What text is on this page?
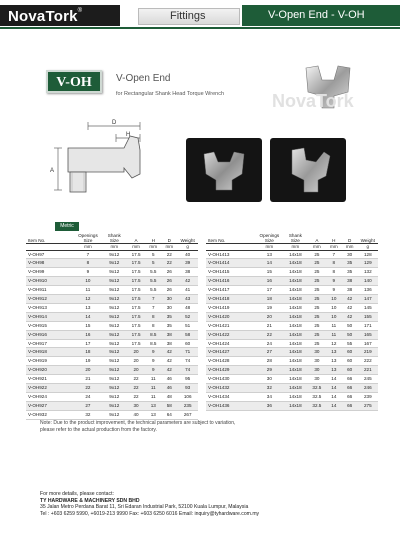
NovaTork®	Fittings	V-Open End - V-OH
V-OH	V-Open End
for Rectangular Shank Head Torque Wrench	NovaTork
D
H
A
Metric
Item No.	Openings Size	Shank Size	A	H	D	Weight
	mm	mm	mm	mm	mm	g
V-OH97	7	9x12	17.5	5	22	40
V-OH98	8	9x12	17.5	5	22	39
V-OH99	9	9x12	17.5	5.5	26	38
V-OH910	10	9x12	17.5	5.5	26	42
V-OH911	11	9x12	17.5	5.5	26	41
V-OH912	12	9x12	17.5	7	30	43
V-OH913	13	9x12	17.5	7	30	48
V-OH914	14	9x12	17.5	8	35	52
V-OH915	15	9x12	17.5	8	35	51
V-OH916	16	9x12	17.5	8.5	38	58
V-OH917	17	9x12	17.5	8.5	38	60
V-OH918	18	9x12	20	9	42	71
V-OH919	19	9x12	20	9	42	74
V-OH920	20	9x12	20	9	42	74
V-OH921	21	9x12	22	11	46	95
V-OH922	22	9x12	22	11	46	93
V-OH924	24	9x12	22	11	48	106
V-OH927	27	9x12	30	13	58	235
V-OH932	32	9x12	40	13	64	267
Item No.	Openings Size	Shank Size	A	H	D	Weight
	mm	mm	mm	mm	mm	g
V-OH1413	13	14x18	25	7	30	128
V-OH1414	14	14x18	25	8	35	129
V-OH1415	15	14x18	25	8	35	132
V-OH1416	16	14x18	25	9	38	140
V-OH1417	17	14x18	25	9	38	136
V-OH1418	18	14x18	25	10	42	147
V-OH1419	19	14x18	25	10	42	145
V-OH1420	20	14x18	25	10	42	155
V-OH1421	21	14x18	25	11	50	171
V-OH1422	22	14x18	25	11	50	165
V-OH1424	24	14x18	25	12	55	167
V-OH1427	27	14x18	30	13	60	219
V-OH1428	28	14x18	30	13	60	222
V-OH1429	29	14x18	30	13	60	221
V-OH1430	30	14x18	30	14	66	245
V-OH1432	32	14x18	32.5	14	66	246
V-OH1434	34	14x18	32.5	14	66	239
V-OH1436	36	14x18	32.5	14	66	275
Note: Due to the product improvement, the technical parameters are subject to variation,
please refer to the actual production from the factory.
For more details, please contact:
TY HARDWARE & MACHINERY SDN BHD
35 Jalan Metro Perdana Barat 11, Sri Edaran Industrial Park, 52100 Kuala Lumpur, Malaysia
Tel : +603 6259 5990, +6019-213 9990 Fax: +603 6250 6016 Email: inquiry@tyhardware.com.my
